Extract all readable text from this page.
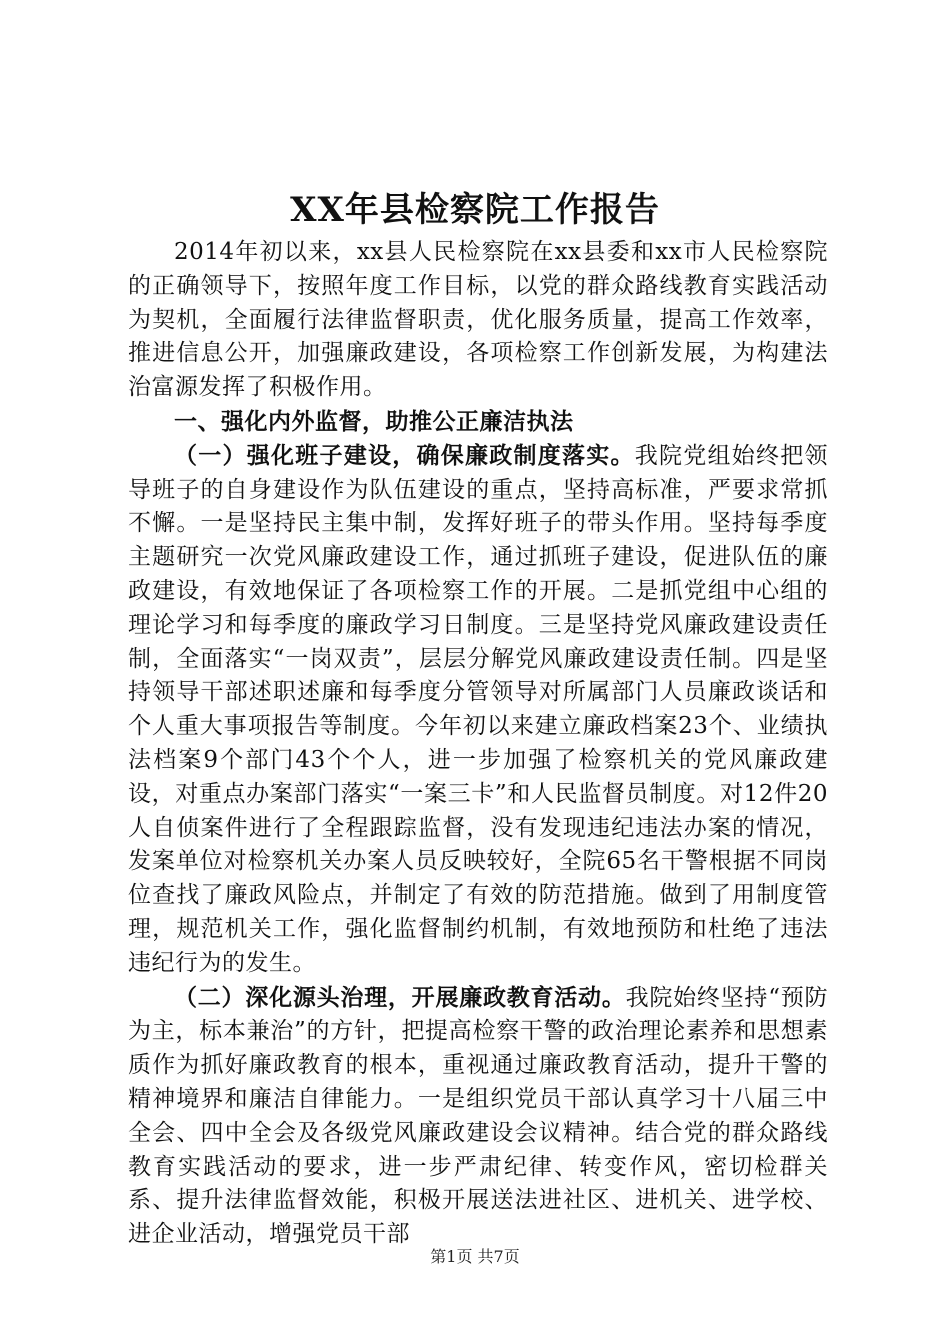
XX年县检察院工作报告

2014年初以来，xx县人民检察院在xx县委和xx市人民检察院的正确领导下，按照年度工作目标，以党的群众路线教育实践活动为契机，全面履行法律监督职责，优化服务质量，提高工作效率，推进信息公开，加强廉政建设，各项检察工作创新发展，为构建法治富源发挥了积极作用。

一、强化内外监督，助推公正廉洁执法

（一）强化班子建设，确保廉政制度落实。我院党组始终把领导班子的自身建设作为队伍建设的重点，坚持高标准，严要求常抓不懈。一是坚持民主集中制，发挥好班子的带头作用。坚持每季度主题研究一次党风廉政建设工作，通过抓班子建设，促进队伍的廉政建设，有效地保证了各项检察工作的开展。二是抓党组中心组的理论学习和每季度的廉政学习日制度。三是坚持党风廉政建设责任制，全面落实“一岗双责”，层层分解党风廉政建设责任制。四是坚持领导干部述职述廉和每季度分管领导对所属部门人员廉政谈话和个人重大事项报告等制度。今年初以来建立廉政档案23个、业绩执法档案9个部门43个个人，进一步加强了检察机关的党风廉政建设，对重点办案部门落实“一案三卡”和人民监督员制度。对12件20人自侦案件进行了全程跟踪监督，没有发现违纪违法办案的情况，发案单位对检察机关办案人员反映较好，全院65名干警根据不同岗位查找了廉政风险点，并制定了有效的防范措施。做到了用制度管理，规范机关工作，强化监督制约机制，有效地预防和杜绝了违法违纪行为的发生。

（二）深化源头治理，开展廉政教育活动。我院始终坚持“预防为主，标本兼治”的方针，把提高检察干警的政治理论素养和思想素质作为抓好廉政教育的根本，重视通过廉政教育活动，提升干警的精神境界和廉洁自律能力。一是组织党员干部认真学习十八届三中全会、四中全会及各级党风廉政建设会议精神。结合党的群众路线教育实践活动的要求，进一步严肃纪律、转变作风，密切检群关系、提升法律监督效能，积极开展送法进社区、进机关、进学校、进企业活动，增强党员干部

第1页 共7页
